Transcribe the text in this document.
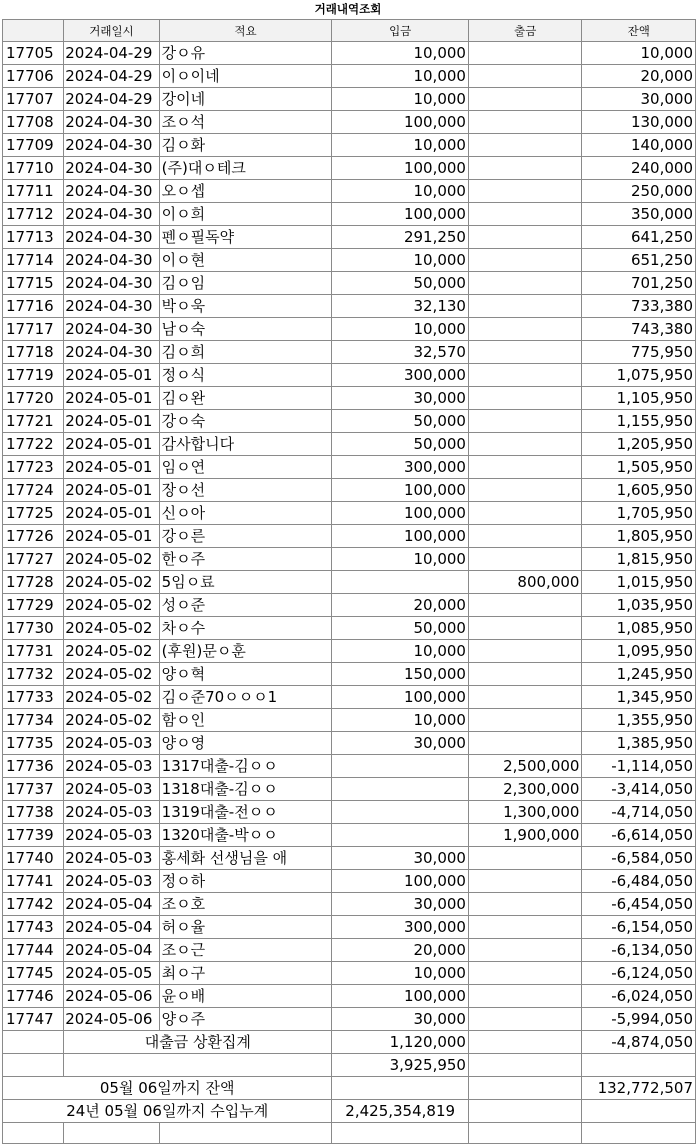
거래내역조회
	거래일시	적요	입금	출금	잔액
17705	2024-04-29	강ㅇ유	10,000		10,000
17706	2024-04-29	이ㅇ이네	10,000		20,000
17707	2024-04-29	강이네	10,000		30,000
17708	2024-04-30	조ㅇ석	100,000		130,000
17709	2024-04-30	김ㅇ화	10,000		140,000
17710	2024-04-30	(주)대ㅇ테크	100,000		240,000
17711	2024-04-30	오ㅇ셉	10,000		250,000
17712	2024-04-30	이ㅇ희	100,000		350,000
17713	2024-04-30	펜ㅇ필독약	291,250		641,250
17714	2024-04-30	이ㅇ현	10,000		651,250
17715	2024-04-30	김ㅇ임	50,000		701,250
17716	2024-04-30	박ㅇ욱	32,130		733,380
17717	2024-04-30	남ㅇ숙	10,000		743,380
17718	2024-04-30	김ㅇ희	32,570		775,950
17719	2024-05-01	정ㅇ식	300,000		1,075,950
17720	2024-05-01	김ㅇ완	30,000		1,105,950
17721	2024-05-01	강ㅇ숙	50,000		1,155,950
17722	2024-05-01	감사합니다	50,000		1,205,950
17723	2024-05-01	임ㅇ연	300,000		1,505,950
17724	2024-05-01	장ㅇ선	100,000		1,605,950
17725	2024-05-01	신ㅇ아	100,000		1,705,950
17726	2024-05-01	강ㅇ른	100,000		1,805,950
17727	2024-05-02	한ㅇ주	10,000		1,815,950
17728	2024-05-02	5임ㅇ료		800,000	1,015,950
17729	2024-05-02	성ㅇ준	20,000		1,035,950
17730	2024-05-02	차ㅇ수	50,000		1,085,950
17731	2024-05-02	(후원)문ㅇ훈	10,000		1,095,950
17732	2024-05-02	양ㅇ혁	150,000		1,245,950
17733	2024-05-02	김ㅇ준70ㅇㅇㅇ1	100,000		1,345,950
17734	2024-05-02	함ㅇ인	10,000		1,355,950
17735	2024-05-03	양ㅇ영	30,000		1,385,950
17736	2024-05-03	1317대출-김ㅇㅇ		2,500,000	-1,114,050
17737	2024-05-03	1318대출-김ㅇㅇ		2,300,000	-3,414,050
17738	2024-05-03	1319대출-전ㅇㅇ		1,300,000	-4,714,050
17739	2024-05-03	1320대출-박ㅇㅇ		1,900,000	-6,614,050
17740	2024-05-03	홍세화 선생님을 애	30,000		-6,584,050
17741	2024-05-03	정ㅇ하	100,000		-6,484,050
17742	2024-05-04	조ㅇ호	30,000		-6,454,050
17743	2024-05-04	허ㅇ율	300,000		-6,154,050
17744	2024-05-04	조ㅇ근	20,000		-6,134,050
17745	2024-05-05	최ㅇ구	10,000		-6,124,050
17746	2024-05-06	윤ㅇ배	100,000		-6,024,050
17747	2024-05-06	양ㅇ주	30,000		-5,994,050
	대출금 상환집계		1,120,000		-4,874,050
			3,925,950		
05월 06일까지 잔액					132,772,507
24년 05월 06일까지 수입누계			2,425,354,819		
